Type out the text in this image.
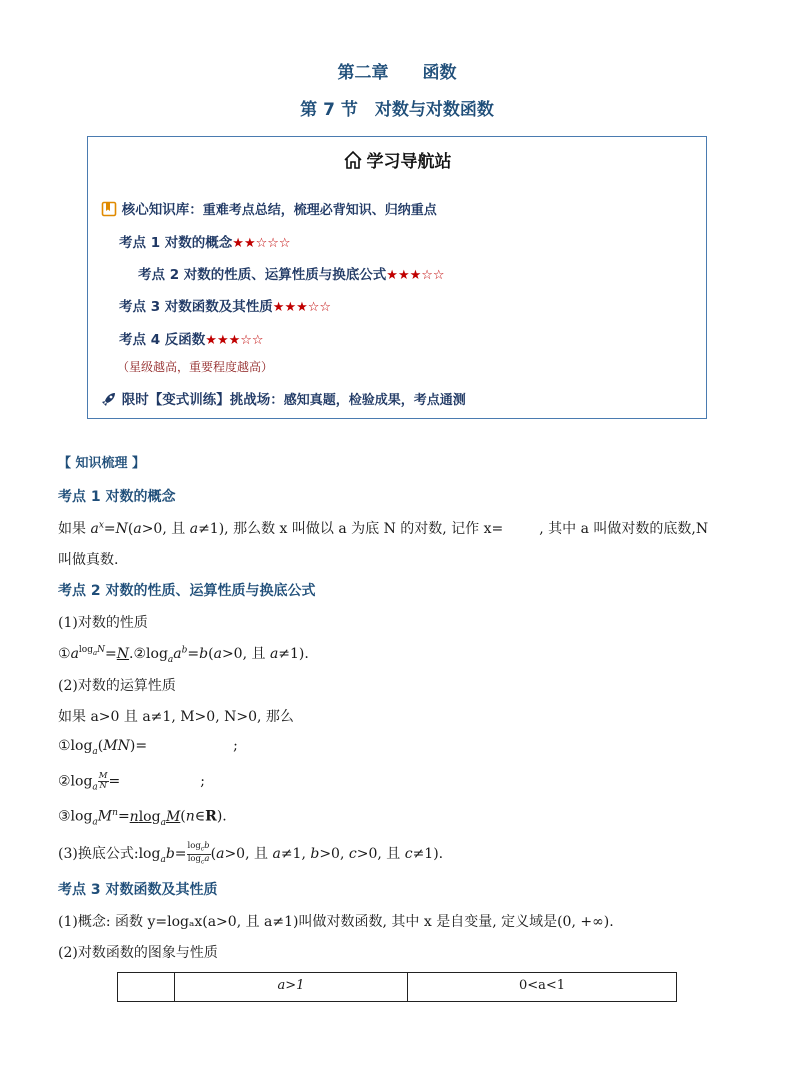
第二章　　函数
第 7 节　对数与对数函数
学习导航站
核心知识库：重难考点总结，梳理必背知识、归纳重点
考点 1 对数的概念★★☆☆☆
考点 2 对数的性质、运算性质与换底公式★★★☆☆
考点 3 对数函数及其性质★★★☆☆
考点 4 反函数★★★☆☆
（星级越高，重要程度越高）
限时【变式训练】挑战场：感知真题，检验成果，考点通测
【 知识梳理 】
考点 1 对数的概念
如果 $a^x=N(a>0$, 且 a≠1), 那么数 x 叫做以 a 为底 N 的对数, 记作 x=	, 其中 a 叫做对数的底数,N
叫做真数.
考点 2 对数的性质、运算性质与换底公式
(1)对数的性质
$①a^{log_aN}=N.②\log_aa^b=b(a>0$, 且 a≠1).
(2)对数的运算性质
如果 a>0 且 a≠1, M>0, N>0, 那么
$①\log_a(MN)=$	;
$②\log_a \frac{M}{N}$ =	;
$③\log_aM^n=nlog_aM(n\in R)$.
(3)换底公式$:\log_ab= \frac{\log_cb}{\log_ca} (a>0$, 且 a≠1, b>0, c>0, 且 c≠1).
考点 3 对数函数及其性质
(1)概念: 函数 y=logₐx(a>0, 且 a≠1)叫做对数函数, 其中 x 是自变量, 定义域是(0, +∞).
(2)对数函数的图象与性质
a>1	0<a<1
